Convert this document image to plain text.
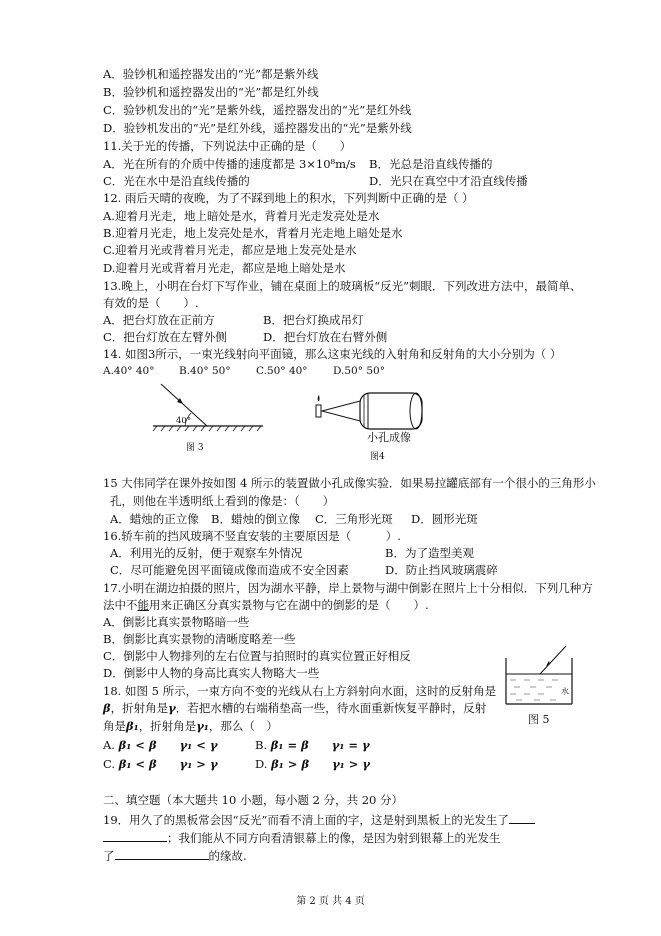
A．验钞机和遥控器发出的“光”都是紫外线
B．验钞机和遥控器发出的“光”都是红外线
C．验钞机发出的“光”是紫外线，遥控器发出的“光”是红外线
D．验钞机发出的“光”是红外线，遥控器发出的“光”是紫外线
11.关于光的传播，下列说法中正确的是（　　）
A．光在所有的介质中传播的速度都是 3×10⁸m/s B．光总是沿直线传播的
C．光在水中是沿直线传播的	D．光只在真空中才沿直线传播
12. 雨后天晴的夜晚，为了不踩到地上的积水，下列判断中正确的是（ ）
A.迎着月光走，地上暗处是水，背着月光走发亮处是水
B.迎着月光走，地上发亮处是水，背着月光走地上暗处是水
C.迎着月光或背着月光走，都应是地上发亮处是水
D.迎着月光或背着月光走，都应是地上暗处是水
13.晚上，小明在台灯下写作业，铺在桌面上的玻璃板“反光”刺眼．下列改进方法中，最简单、
有效的是（　　）.
A．把台灯放在正前方	B．把台灯换成吊灯
C．把台灯放在左臂外侧	D．把台灯放在右臂外侧
14. 如图3所示，一束光线射向平面镜，那么这束光线的入射角和反射角的大小分别为（ ）
A.40° 40° B.40° 50° C.50° 40° D.50° 50°
40°
图 3
小孔成像
图4
15 大伟同学在课外按如图 4 所示的装置做小孔成像实验．如果易拉罐底部有一个很小的三角形小
孔，则他在半透明纸上看到的像是：（　　）
A．蜡烛的正立像 B．蜡烛的倒立像 C．三角形光斑 D．圆形光斑
16.轿车前的挡风玻璃不竖直安装的主要原因是（　　　）.
A．利用光的反射，便于观察车外情况	B．为了造型美观
C．尽可能避免因平面镜成像而造成不安全因素	D．防止挡风玻璃震碎
17.小明在湖边拍摄的照片，因为湖水平静，岸上景物与湖中倒影在照片上十分相似．下列几种方
法中不能用来正确区分真实景物与它在湖中的倒影的是（　　）.
A．倒影比真实景物略暗一些
B．倒影比真实景物的清晰度略差一些
C．倒影中人物排列的左右位置与拍照时的真实位置正好相反
D．倒影中人物的身高比真实人物略大一些
水
图 5
18. 如图 5 所示，一束方向不变的光线从右上方斜射向水面，这时的反射角是
β，折射角是γ．若把水槽的右端稍垫高一些，待水面重新恢复平静时，反射
角是β₁，折射角是γ₁，那么（　）
A. β₁ < β　　 γ₁ < γ	B. β₁ = β　　 γ₁ = γ
C. β₁ < β　　 γ₁ > γ	D. β₁ > β　　 γ₁ > γ
二、填空题（本大题共 10 小题，每小题 2 分，共 20 分）
19．用久了的黑板常会因“反光”而看不清上面的字，这是射到黑板上的光发生了
；我们能从不同方向看清银幕上的像，是因为射到银幕上的光发生
了	的缘故.
第 2 页 共 4 页
